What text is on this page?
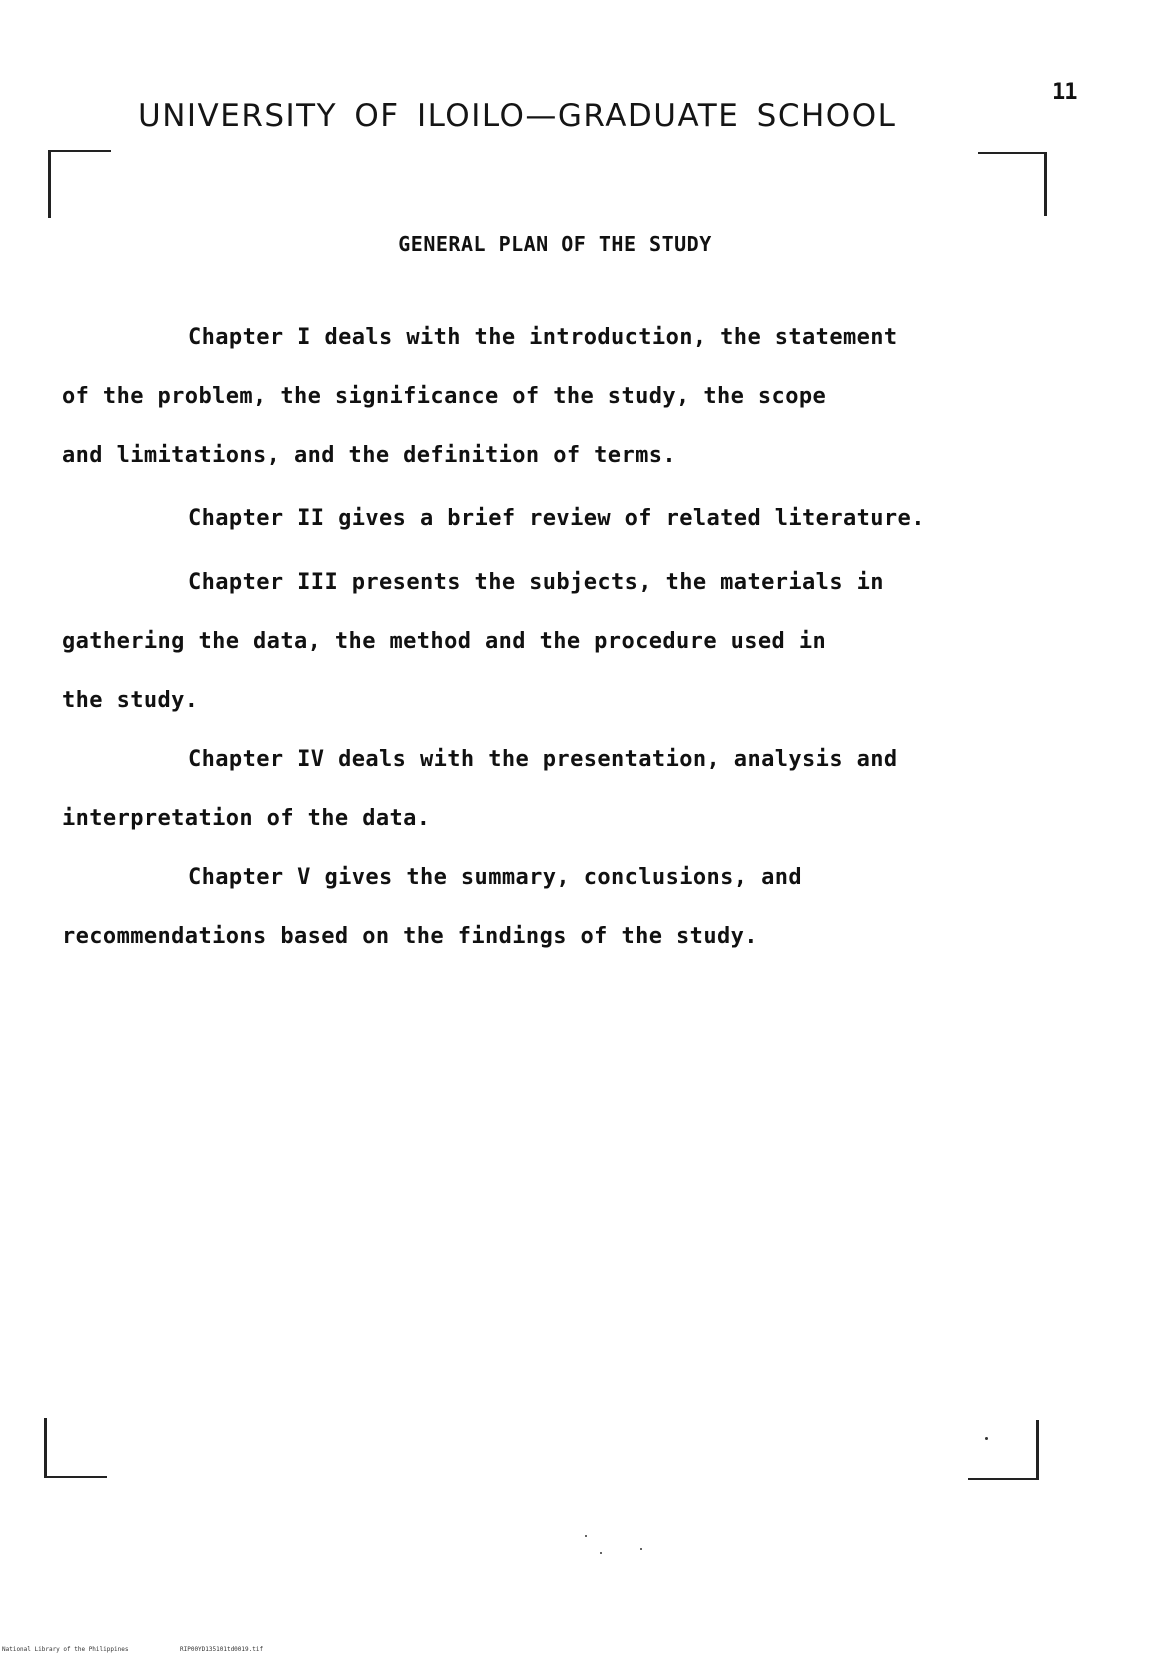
11
UNIVERSITY OF ILOILO—GRADUATE SCHOOL
GENERAL PLAN OF THE STUDY
Chapter I deals with the introduction, the statement
of the problem, the significance of the study, the scope
and limitations, and the definition of terms.
Chapter II gives a brief review of related literature.
Chapter III presents the subjects, the materials in
gathering the data, the method and the procedure used in
the study.
Chapter IV deals with the presentation, analysis and
interpretation of the data.
Chapter V gives the summary, conclusions, and
recommendations based on the findings of the study.
National Library of the Philippines	RIP00YD135101td0019.tif
